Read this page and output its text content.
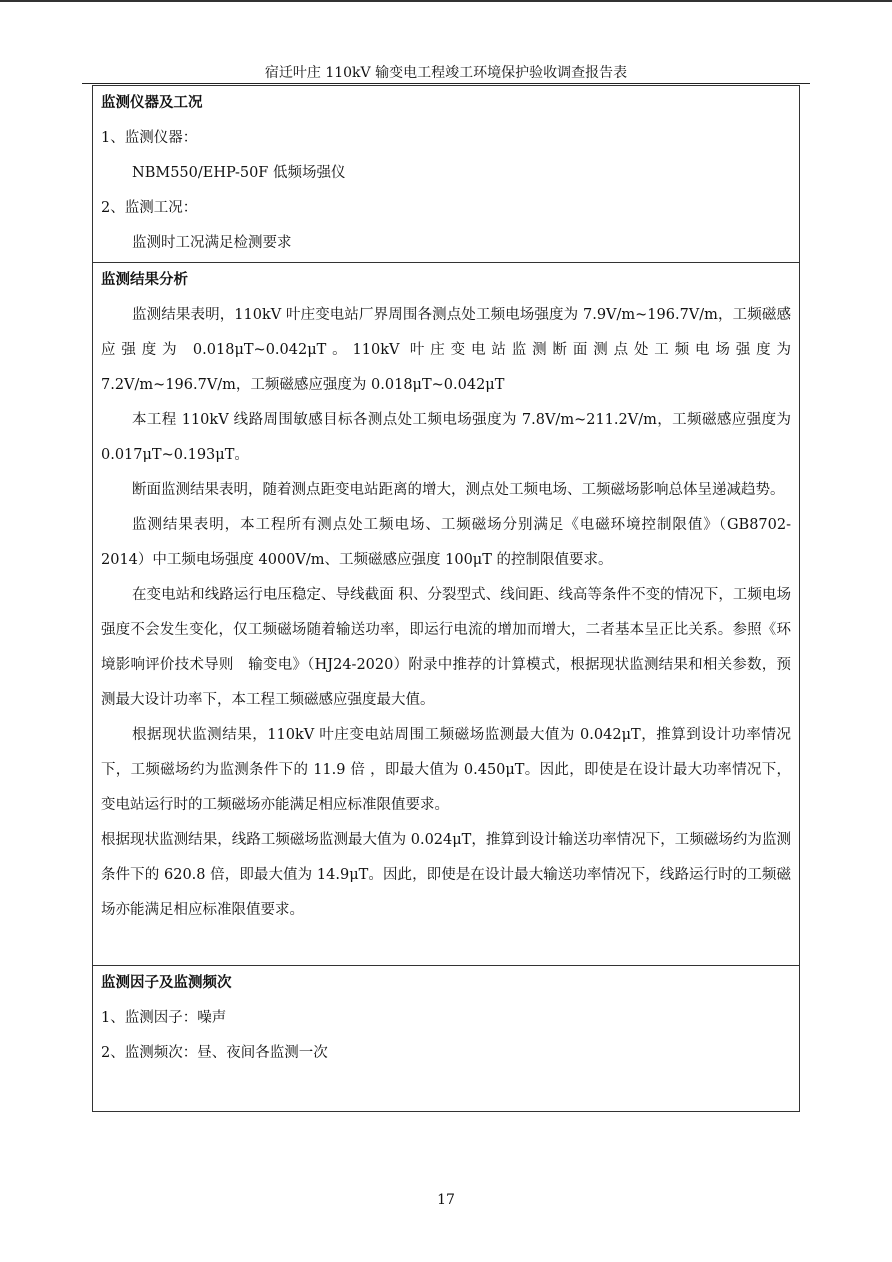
宿迁叶庄 110kV 输变电工程竣工环境保护验收调查报告表

监测仪器及工况

1、监测仪器：

NBM550/EHP-50F 低频场强仪

2、监测工况：

监测时工况满足检测要求

监测结果分析

监测结果表明，110kV 叶庄变电站厂界周围各测点处工频电场强度为 7.9V/m~196.7V/m，工频磁感应强度为 0.018μT~0.042μT。110kV 叶庄变电站监测断面测点处工频电场强度为 7.2V/m~196.7V/m，工频磁感应强度为 0.018μT~0.042μT

本工程 110kV 线路周围敏感目标各测点处工频电场强度为 7.8V/m~211.2V/m，工频磁感应强度为 0.017μT~0.193μT。

断面监测结果表明，随着测点距变电站距离的增大，测点处工频电场、工频磁场影响总体呈递减趋势。

监测结果表明，本工程所有测点处工频电场、工频磁场分别满足《电磁环境控制限值》（GB8702-2014）中工频电场强度 4000V/m、工频磁感应强度 100μT 的控制限值要求。

在变电站和线路运行电压稳定、导线截面 积、分裂型式、线间距、线高等条件不变的情况下，工频电场强度不会发生变化，仅工频磁场随着输送功率，即运行电流的增加而增大，二者基本呈正比关系。参照《环境影响评价技术导则　输变电》（HJ24-2020）附录中推荐的计算模式，根据现状监测结果和相关参数，预测最大设计功率下，本工程工频磁感应强度最大值。

根据现状监测结果，110kV 叶庄变电站周围工频磁场监测最大值为 0.042μT，推算到设计功率情况下，工频磁场约为监测条件下的 11.9 倍 ，即最大值为 0.450μT。因此，即使是在设计最大功率情况下，变电站运行时的工频磁场亦能满足相应标准限值要求。

根据现状监测结果，线路工频磁场监测最大值为 0.024μT，推算到设计输送功率情况下，工频磁场约为监测条件下的 620.8 倍，即最大值为 14.9μT。因此，即使是在设计最大输送功率情况下，线路运行时的工频磁场亦能满足相应标准限值要求。

监测因子及监测频次

1、监测因子：噪声

2、监测频次：昼、夜间各监测一次

17
